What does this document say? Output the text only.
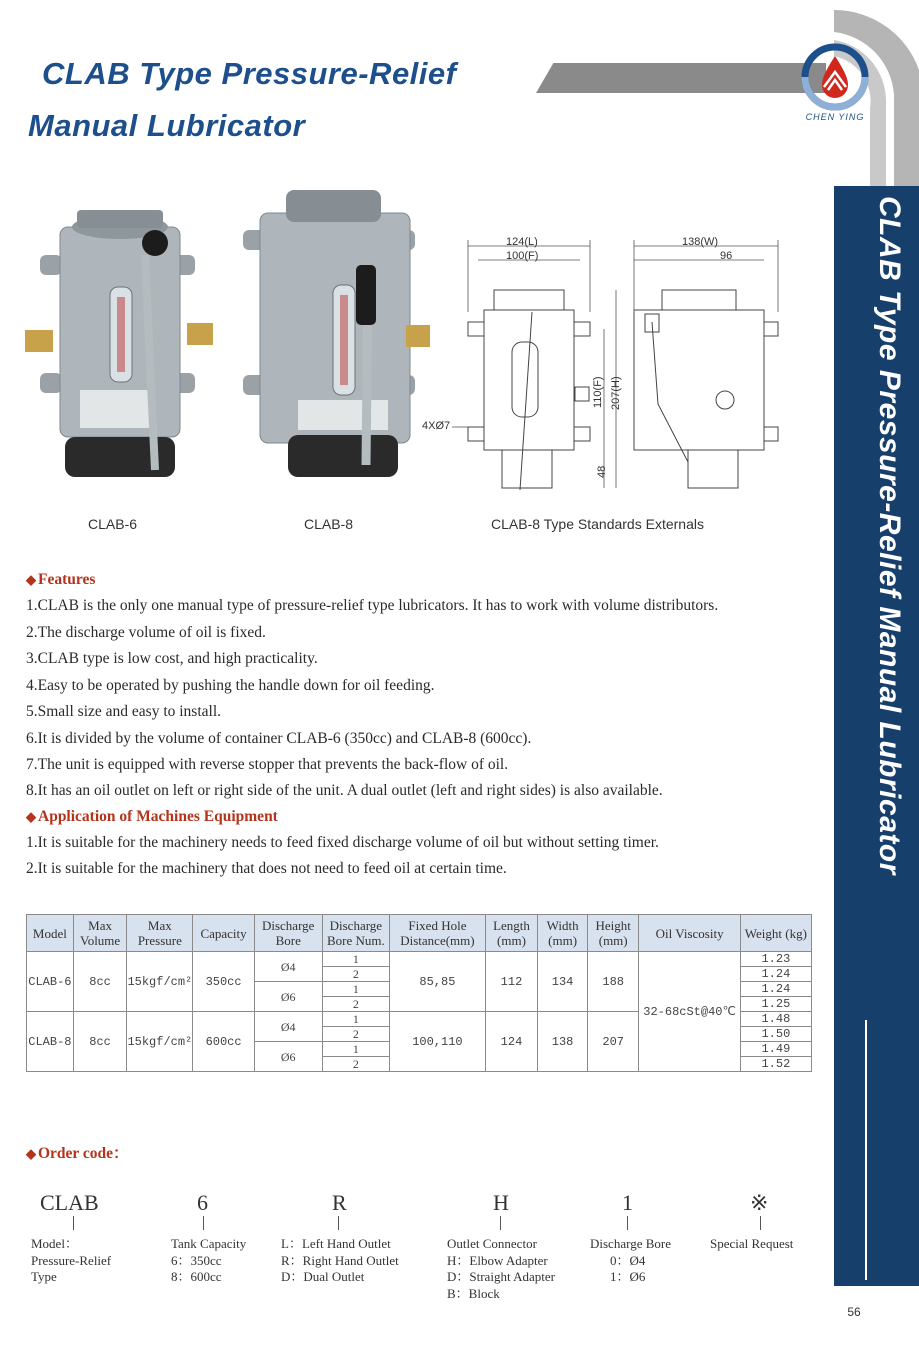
CLAB Type Pressure-Relief
Manual Lubricator	CHEN YING
CLAB Type Pressure-Relief Manual Lubricator
CLAB-6	CLAB-8
124(L)
100(F)
138(W)
96
110(F) 207(H)
48
4XØ7
CLAB-8 Type Standards Externals
◆ Features
1.CLAB is the only one manual type of pressure-relief type lubricators. It has to work with volume distributors.
2.The discharge volume of oil is fixed.
3.CLAB type is low cost, and high practicality.
4.Easy to be operated by pushing the handle down for oil feeding.
5.Small size and easy to install.
6.It is divided by the volume of container CLAB-6 (350cc) and CLAB-8 (600cc).
7.The unit is equipped with reverse stopper that prevents the back-flow of oil.
8.It has an oil outlet on left or right side of the unit. A dual outlet (left and right sides) is also available.
◆ Application of Machines Equipment
1.It is suitable for the machinery needs to feed fixed discharge volume of oil but without setting timer.
2.It is suitable for the machinery that does not need to feed oil at certain time.
Model	Max Volume	Max Pressure	Capacity	Discharge Bore	Discharge Bore Num.	Fixed Hole Distance(mm)	Length (mm)	Width (mm)	Height (mm)	Oil Viscosity	Weight (kg)
CLAB-6	8cc	15kgf/cm²	350cc	Ø4	1	85,85	112	134	188	32-68cSt@40℃	1.23
					2						1.24
				Ø6	1						1.24
					2						1.25
CLAB-8	8cc	15kgf/cm²	600cc	Ø4	1	100,110	124	138	207		1.48
					2						1.50
				Ø6	1						1.49
					2						1.52
◆ Order code：
CLAB
Model：
Pressure-Relief
Type
6
Tank Capacity
6：350cc
8：600cc
R
L：Left Hand Outlet
R：Right Hand Outlet
D：Dual Outlet
H
Outlet Connector
H：Elbow Adapter
D：Straight Adapter
B：Block
1
Discharge Bore
0：Ø4
1：Ø6
※
Special Request
56
